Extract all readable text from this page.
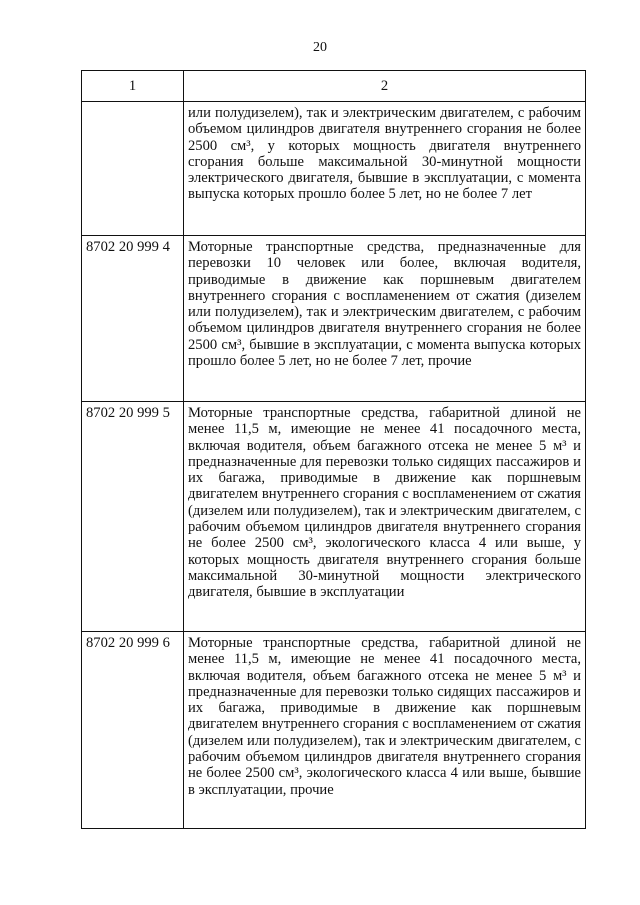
20
1	2
	или полудизелем), так и электрическим двигателем, с рабочим объемом цилиндров двигателя внутреннего сгорания не более 2500 см³, у которых мощность двигателя внутреннего сгорания больше максимальной 30-минутной мощности электрического двигателя, бывшие в эксплуатации, с момента выпуска которых прошло более 5 лет, но не более 7 лет
8702 20 999 4	Моторные транспортные средства, предназначенные для перевозки 10 человек или более, включая водителя, приводимые в движение как поршневым двигателем внутреннего сгорания с воспламенением от сжатия (дизелем или полудизелем), так и электрическим двигателем, с рабочим объемом цилиндров двигателя внутреннего сгорания не более 2500 см³, бывшие в эксплуатации, с момента выпуска которых прошло более 5 лет, но не более 7 лет, прочие
8702 20 999 5	Моторные транспортные средства, габаритной длиной не менее 11,5 м, имеющие не менее 41 посадочного места, включая водителя, объем багажного отсека не менее 5 м³ и предназначенные для перевозки только сидящих пассажиров и их багажа, приводимые в движение как поршневым двигателем внутреннего сгорания с воспламенением от сжатия (дизелем или полудизелем), так и электрическим двигателем, с рабочим объемом цилиндров двигателя внутреннего сгорания не более 2500 см³, экологического класса 4 или выше, у которых мощность двигателя внутреннего сгорания больше максимальной 30-минутной мощности электрического двигателя, бывшие в эксплуатации
8702 20 999 6	Моторные транспортные средства, габаритной длиной не менее 11,5 м, имеющие не менее 41 посадочного места, включая водителя, объем багажного отсека не менее 5 м³ и предназначенные для перевозки только сидящих пассажиров и их багажа, приводимые в движение как поршневым двигателем внутреннего сгорания с воспламенением от сжатия (дизелем или полудизелем), так и электрическим двигателем, с рабочим объемом цилиндров двигателя внутреннего сгорания не более 2500 см³, экологического класса 4 или выше, бывшие в эксплуатации, прочие
